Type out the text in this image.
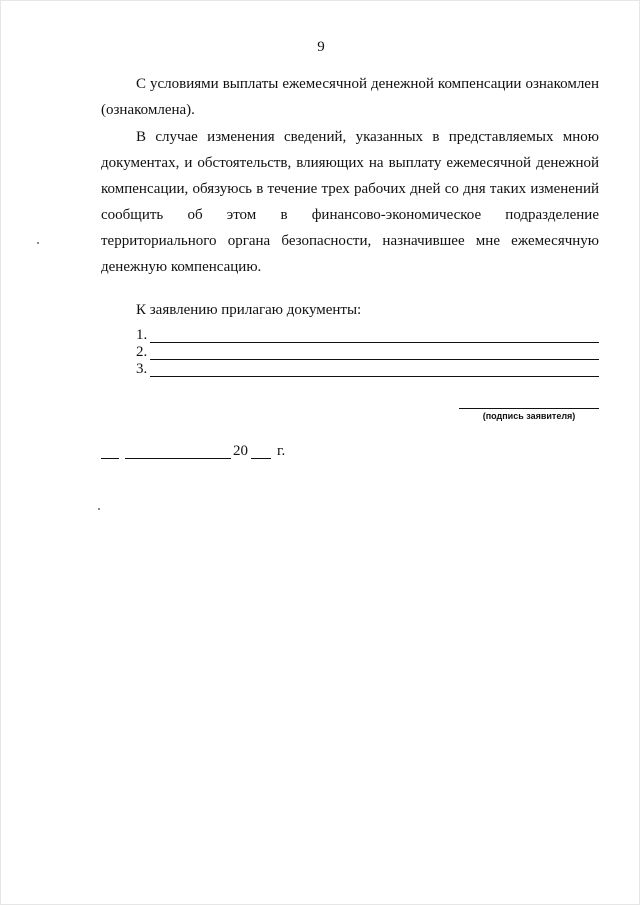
9

С условиями выплаты ежемесячной денежной компенсации ознакомлен (ознакомлена).

В случае изменения сведений, указанных в представляемых мною документах, и обстоятельств, влияющих на выплату ежемесячной денежной компенсации, обязуюсь в течение трех рабочих дней со дня таких изменений сообщить об этом в финансово-экономическое подразделение территориального органа безопасности, назначившее мне ежемесячную денежную компенсацию.

К заявлению прилагаю документы:
1.
2.
3.
(подпись заявителя)
20 г.
